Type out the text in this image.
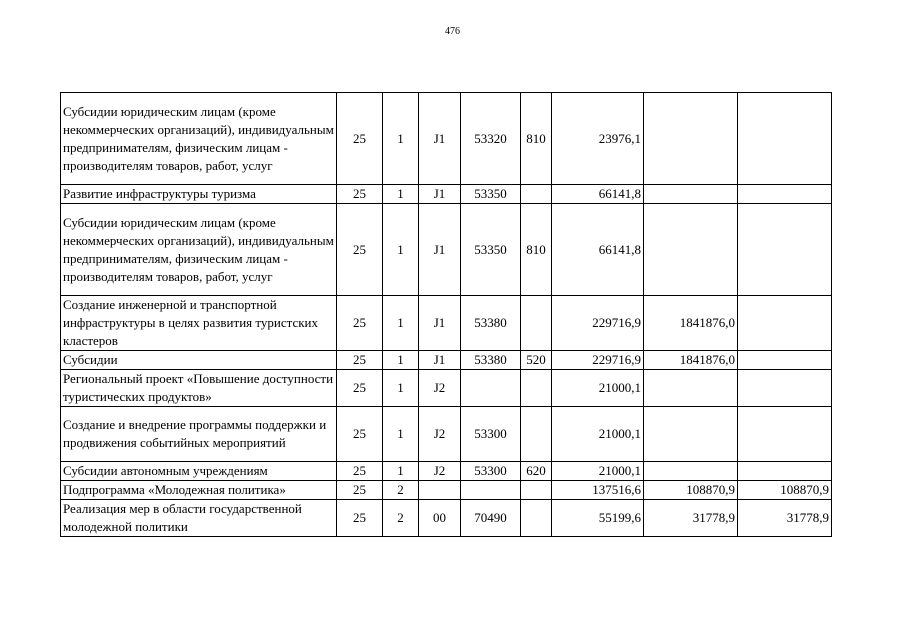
476
Субсидии юридическим лицам (кроме некоммерческих организаций), индивидуальным предпринимателям, физическим лицам - производителям товаров, работ, услуг	25	1	J1	53320	810	23976,1		
Развитие инфраструктуры туризма	25	1	J1	53350		66141,8		
Субсидии юридическим лицам (кроме некоммерческих организаций), индивидуальным предпринимателям, физическим лицам - производителям товаров, работ, услуг	25	1	J1	53350	810	66141,8		
Создание инженерной и транспортной инфраструктуры в целях развития туристских кластеров	25	1	J1	53380		229716,9	1841876,0	
Субсидии	25	1	J1	53380	520	229716,9	1841876,0	
Региональный проект «Повышение доступности туристических продуктов»	25	1	J2			21000,1		
Создание и внедрение программы поддержки и продвижения событийных мероприятий	25	1	J2	53300		21000,1		
Субсидии автономным учреждениям	25	1	J2	53300	620	21000,1		
Подпрограмма «Молодежная политика»	25	2				137516,6	108870,9	108870,9
Реализация мер в области государственной молодежной политики	25	2	00	70490		55199,6	31778,9	31778,9
